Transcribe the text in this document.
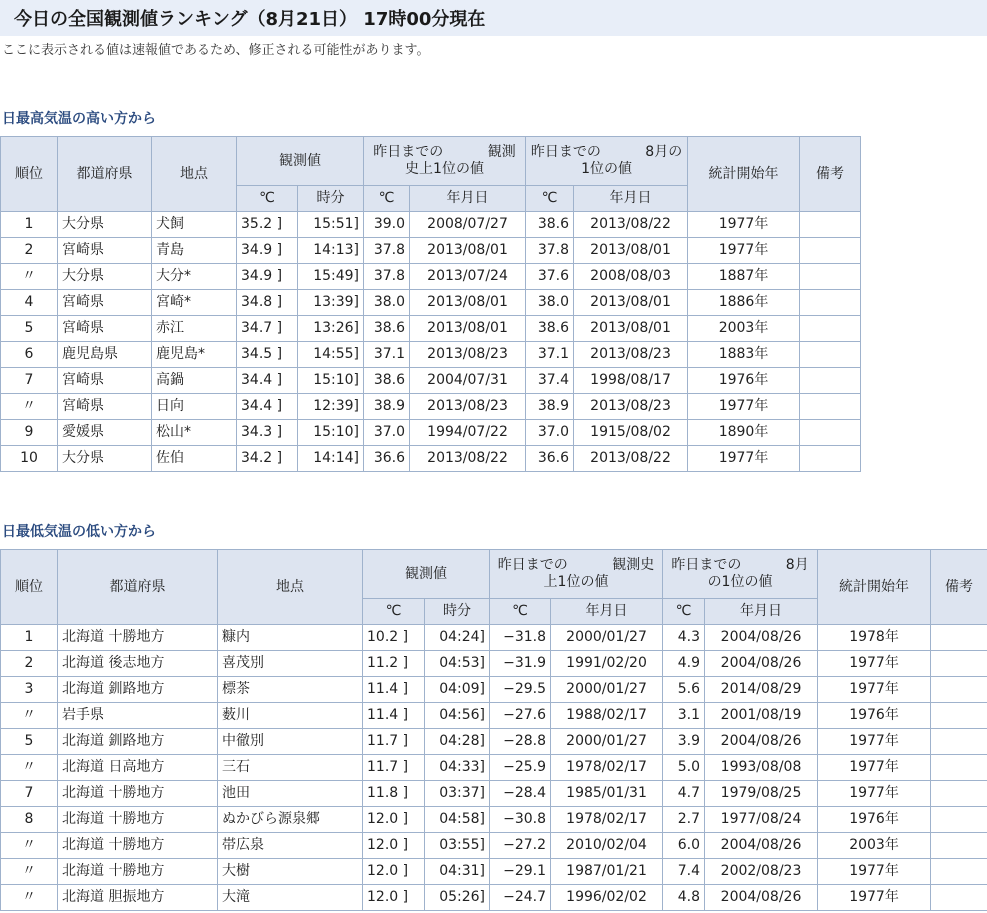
今日の全国観測値ランキング（8月21日） 17時00分現在
ここに表示される値は速報値であるため、修正される可能性があります。
日最高気温の高い方から
順位	都道府県	地点	観測値		昨日までの 観測史上1位の値		昨日までの 8月の1位の値		統計開始年	備考
			℃	時分	℃	年月日	℃	年月日		
1	大分県	犬飼	35.2 ]	15:51]	39.0	2008/07/27	38.6	2013/08/22	1977年	
2	宮崎県	青島	34.9 ]	14:13]	37.8	2013/08/01	37.8	2013/08/01	1977年	
〃	大分県	大分*	34.9 ]	15:49]	37.8	2013/07/24	37.6	2008/08/03	1887年	
4	宮崎県	宮崎*	34.8 ]	13:39]	38.0	2013/08/01	38.0	2013/08/01	1886年	
5	宮崎県	赤江	34.7 ]	13:26]	38.6	2013/08/01	38.6	2013/08/01	2003年	
6	鹿児島県	鹿児島*	34.5 ]	14:55]	37.1	2013/08/23	37.1	2013/08/23	1883年	
7	宮崎県	高鍋	34.4 ]	15:10]	38.6	2004/07/31	37.4	1998/08/17	1976年	
〃	宮崎県	日向	34.4 ]	12:39]	38.9	2013/08/23	38.9	2013/08/23	1977年	
9	愛媛県	松山*	34.3 ]	15:10]	37.0	1994/07/22	37.0	1915/08/02	1890年	
10	大分県	佐伯	34.2 ]	14:14]	36.6	2013/08/22	36.6	2013/08/22	1977年	
日最低気温の低い方から
順位	都道府県	地点	観測値		昨日までの 観測史上1位の値		昨日までの 8月の1位の値		統計開始年	備考
			℃	時分	℃	年月日	℃	年月日		
1	北海道 十勝地方	糠内	10.2 ]	04:24]	−31.8	2000/01/27	4.3	2004/08/26	1978年	
2	北海道 後志地方	喜茂別	11.2 ]	04:53]	−31.9	1991/02/20	4.9	2004/08/26	1977年	
3	北海道 釧路地方	標茶	11.4 ]	04:09]	−29.5	2000/01/27	5.6	2014/08/29	1977年	
〃	岩手県	薮川	11.4 ]	04:56]	−27.6	1988/02/17	3.1	2001/08/19	1976年	
5	北海道 釧路地方	中徹別	11.7 ]	04:28]	−28.8	2000/01/27	3.9	2004/08/26	1977年	
〃	北海道 日高地方	三石	11.7 ]	04:33]	−25.9	1978/02/17	5.0	1993/08/08	1977年	
7	北海道 十勝地方	池田	11.8 ]	03:37]	−28.4	1985/01/31	4.7	1979/08/25	1977年	
8	北海道 十勝地方	ぬかびら源泉郷	12.0 ]	04:58]	−30.8	1978/02/17	2.7	1977/08/24	1976年	
〃	北海道 十勝地方	帯広泉	12.0 ]	03:55]	−27.2	2010/02/04	6.0	2004/08/26	2003年	
〃	北海道 十勝地方	大樹	12.0 ]	04:31]	−29.1	1987/01/21	7.4	2002/08/23	1977年	
〃	北海道 胆振地方	大滝	12.0 ]	05:26]	−24.7	1996/02/02	4.8	2004/08/26	1977年	
